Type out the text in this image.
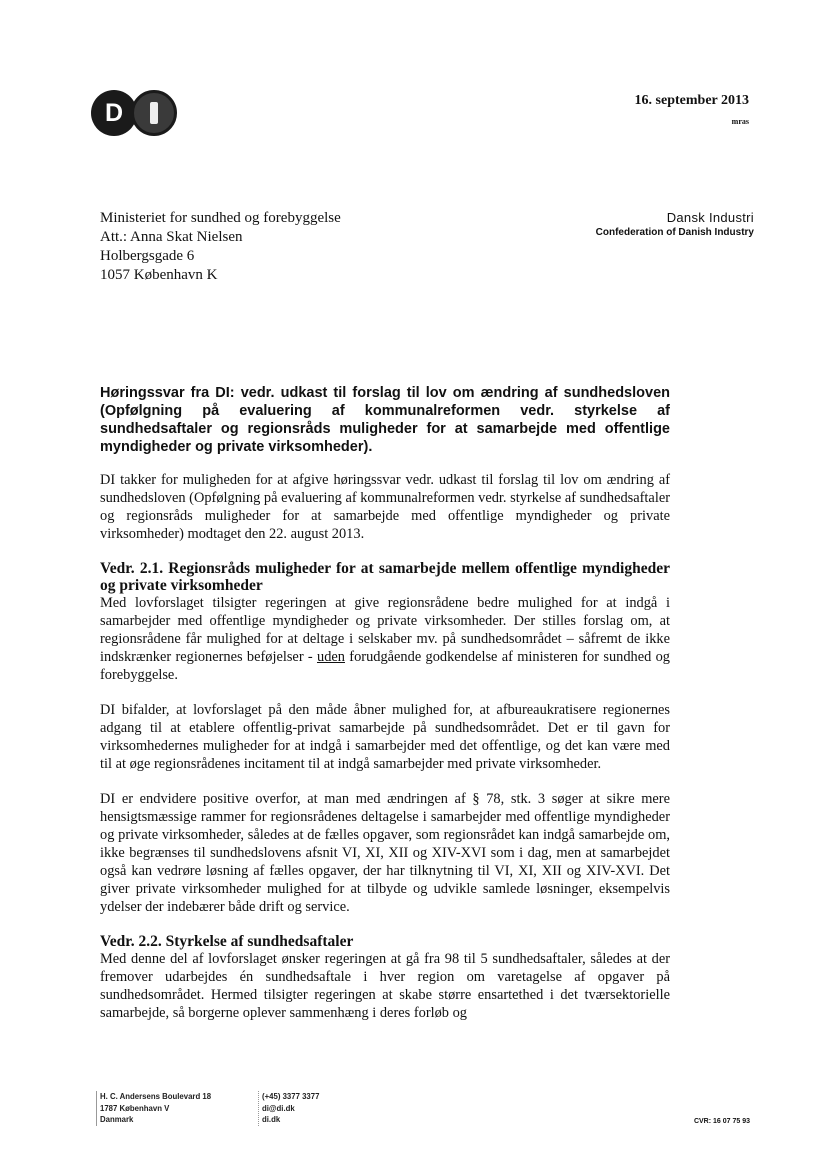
D	16. september 2013
mras
Ministeriet for sundhed og forebyggelse
Att.: Anna Skat Nielsen
Holbergsgade 6
1057 København K
Dansk Industri
Confederation of Danish Industry

Høringssvar fra DI: vedr. udkast til forslag til lov om ændring af sundhedsloven (Opfølgning på evaluering af kommunalreformen vedr. styrkelse af sundhedsaftaler og regionsråds muligheder for at samarbejde med offentlige myndigheder og private virksomheder).

DI takker for muligheden for at afgive høringssvar vedr. udkast til forslag til lov om ændring af sundhedsloven (Opfølgning på evaluering af kommunalreformen vedr. styrkelse af sundhedsaftaler og regionsråds muligheder for at samarbejde med offentlige myndigheder og private virksomheder) modtaget den 22. august 2013.

Vedr. 2.1. Regionsråds muligheder for at samarbejde mellem offentlige myndigheder og private virksomheder

Med lovforslaget tilsigter regeringen at give regionsrådene bedre mulighed for at indgå i samarbejder med offentlige myndigheder og private virksomheder. Der stilles forslag om, at regionsrådene får mulighed for at deltage i selskaber mv. på sundhedsområdet – såfremt de ikke indskrænker regionernes beføjelser - uden forudgående godkendelse af ministeren for sundhed og forebyggelse.

DI bifalder, at lovforslaget på den måde åbner mulighed for, at afbureaukratisere regionernes adgang til at etablere offentlig-privat samarbejde på sundhedsområdet. Det er til gavn for virksomhedernes muligheder for at indgå i samarbejder med det offentlige, og det kan være med til at øge regionsrådenes incitament til at indgå samarbejder med private virksomheder.

DI er endvidere positive overfor, at man med ændringen af § 78, stk. 3 søger at sikre mere hensigtsmæssige rammer for regionsrådenes deltagelse i samarbejder med offentlige myndigheder og private virksomheder, således at de fælles opgaver, som regionsrådet kan indgå samarbejde om, ikke begrænses til sundhedslovens afsnit VI, XI, XII og XIV-XVI som i dag, men at samarbejdet også kan vedrøre løsning af fælles opgaver, der har tilknytning til VI, XI, XII og XIV-XVI. Det giver private virksomheder mulighed for at tilbyde og udvikle samlede løsninger, eksempelvis ydelser der indebærer både drift og service.

Vedr. 2.2. Styrkelse af sundhedsaftaler

Med denne del af lovforslaget ønsker regeringen at gå fra 98 til 5 sundhedsaftaler, således at der fremover udarbejdes én sundhedsaftale i hver region om varetagelse af opgaver på sundhedsområdet. Hermed tilsigter regeringen at skabe større ensartethed i det tværsektorielle samarbejde, så borgerne oplever sammenhæng i deres forløb og

H. C. Andersens Boulevard 18
1787 København V
Danmark
(+45) 3377 3377
di@di.dk
di.dk	CVR: 16 07 75 93
